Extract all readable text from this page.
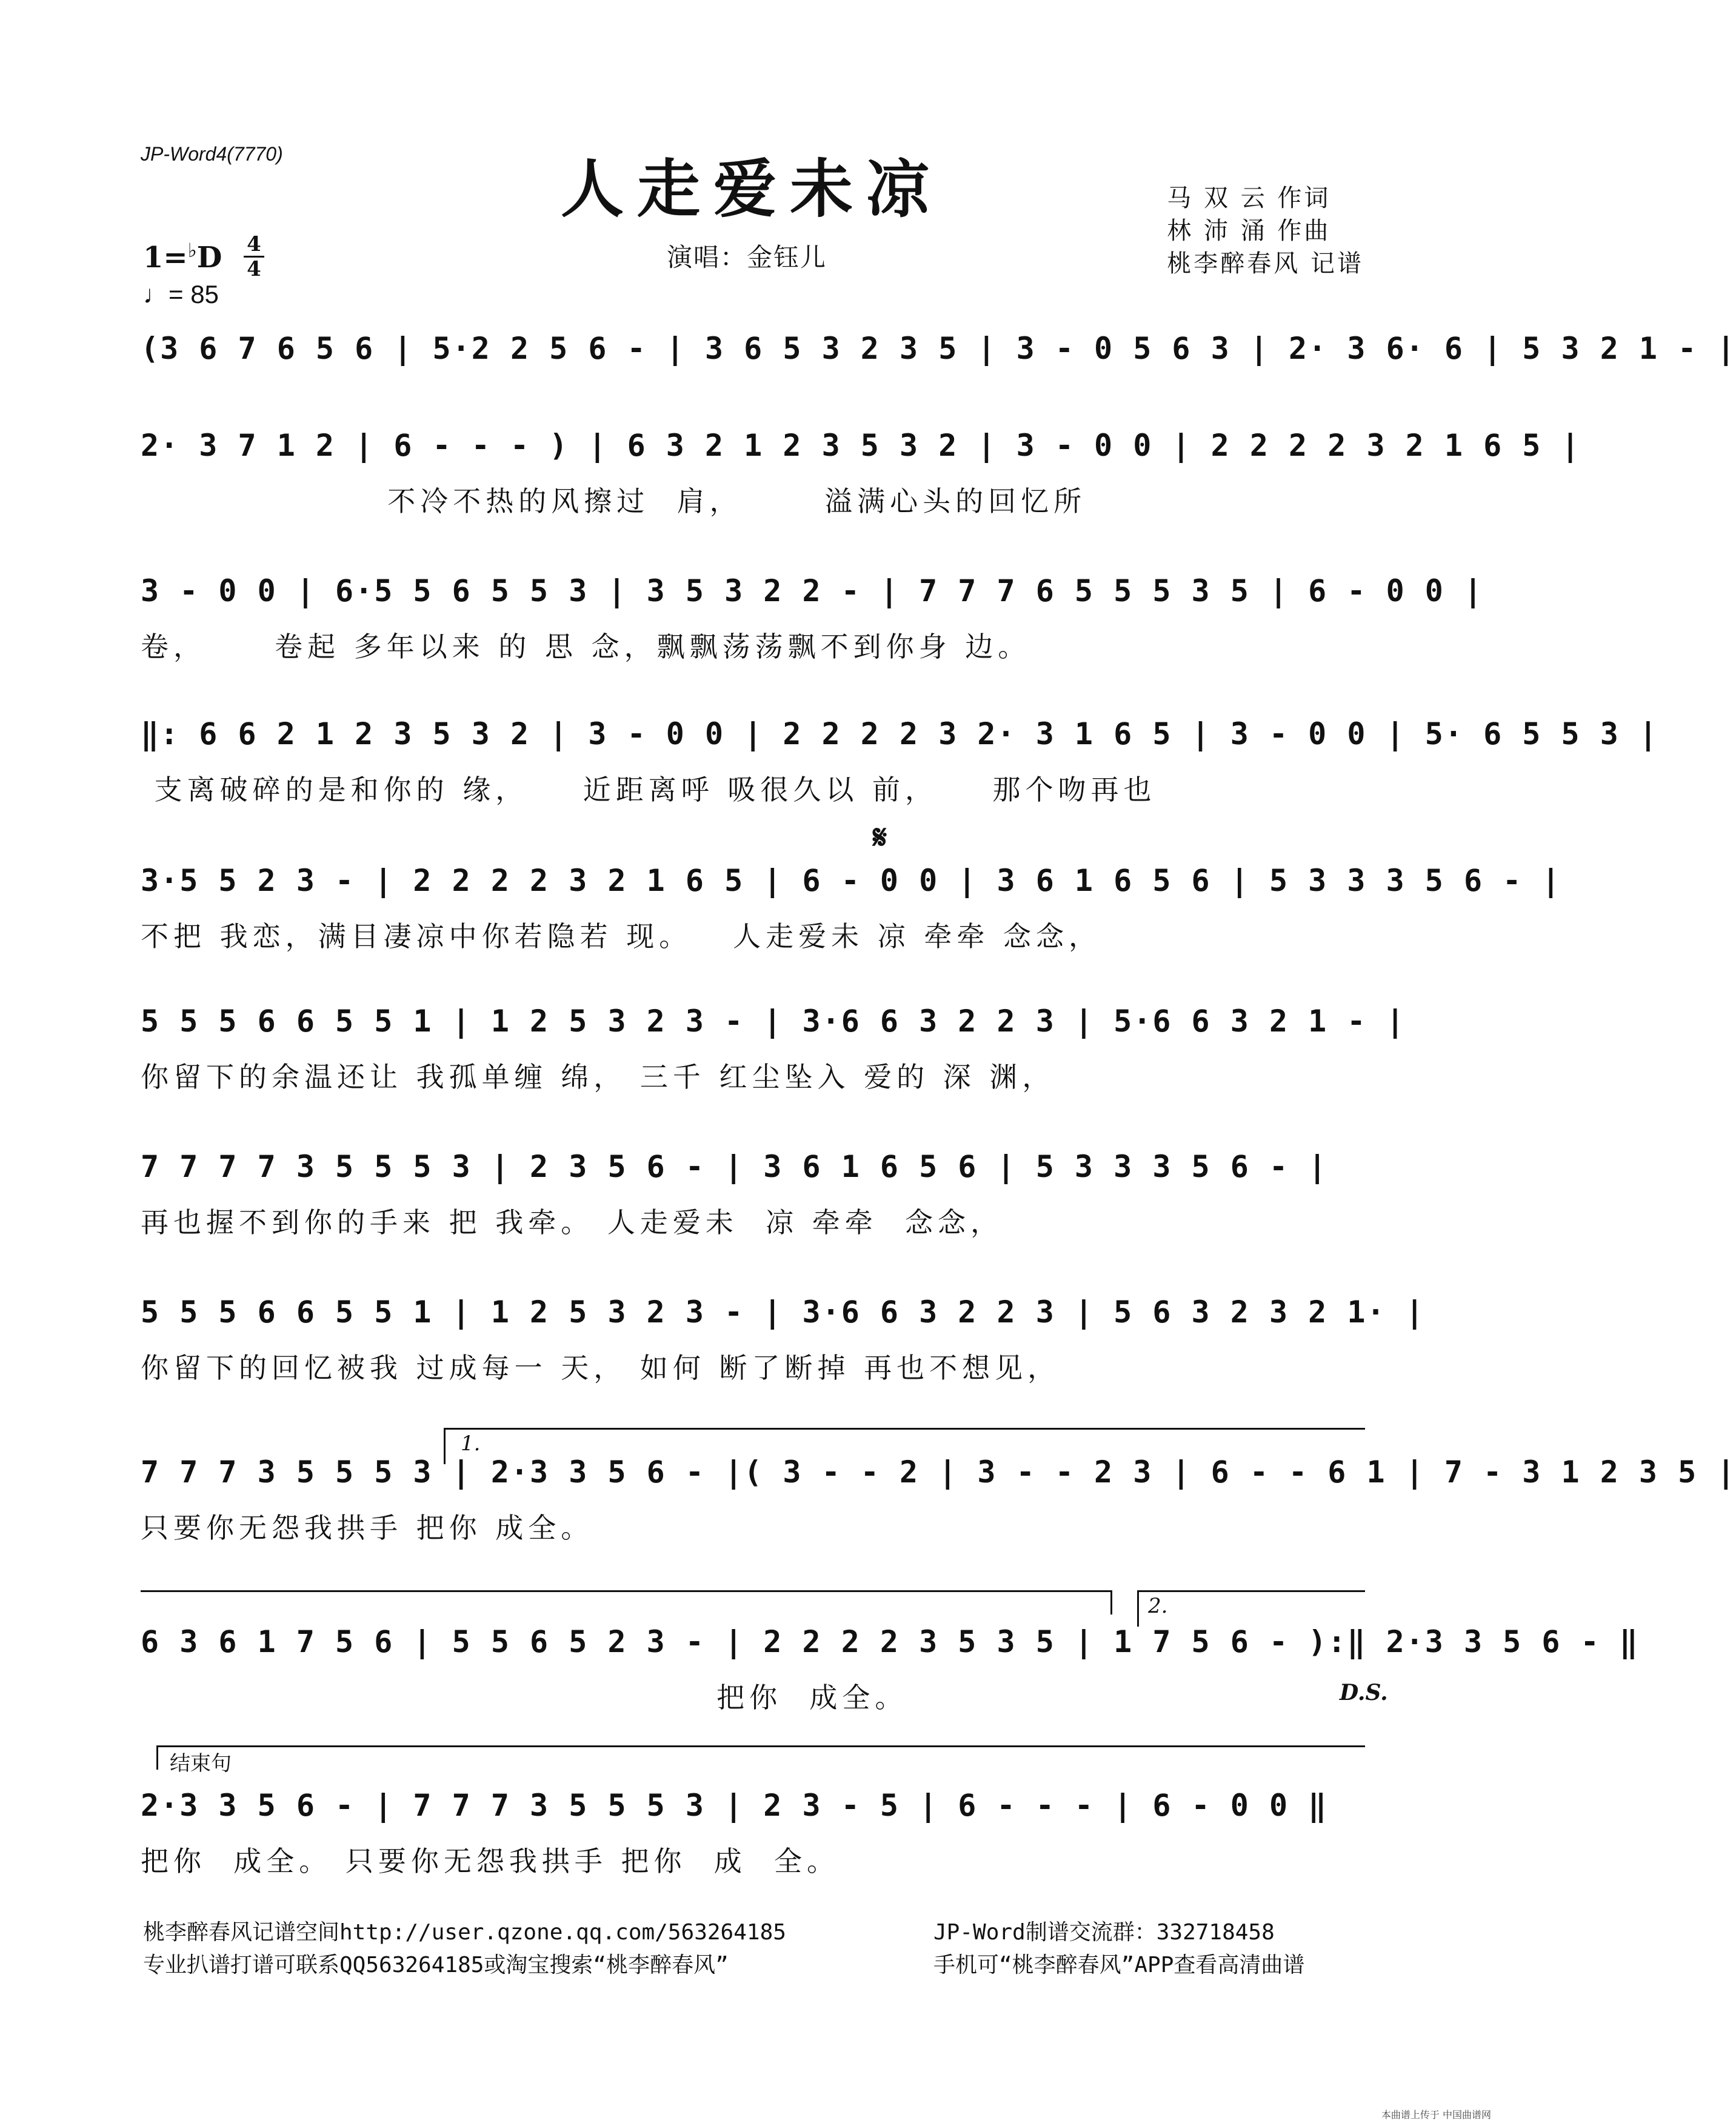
JP-Word4(7770)	人走爱未凉	马 双 云 作词
林 沛 涌 作曲
桃李醉春风 记谱
演唱：金钰儿
1=♭D 4
4
♩= 85
(3 6 7 6 5 6 | 5·2 2 5 6 - | 3 6 5 3 2 3 5 | 3 - 0 5 6 3 | 2· 3 6· 6 | 5 3 2 1 - |
2· 3 7 1 2 | 6 - - - ) | 6 3 2 1 2 3 5 3 2 | 3 - 0 0 | 2 2 2 2 3 2 1 6 5 |
不冷不热的风擦过  肩，      溢满心头的回忆所
3 - 0 0 | 6·5 5 6 5 5 3 | 3 5 3 2 2 - | 7 7 7 6 5 5 5 3 5 | 6 - 0 0 |
卷，     卷起 多年以来 的 思 念，飘飘荡荡飘不到你身 边。
‖: 6 6 2 1 2 3 5 3 2 | 3 - 0 0 | 2 2 2 2 3 2· 3 1 6 5 | 3 - 0 0 | 5· 6 5 5 3 |
支离破碎的是和你的 缘，    近距离呼 吸很久以 前，    那个吻再也
𝄋
3·5 5 2 3 - | 2 2 2 2 3 2 1 6 5 | 6 - 0 0 | 3 6 1 6 5 6 | 5 3 3 3 5 6 - |
不把 我恋，满目凄凉中你若隐若 现。   人走爱未 凉 牵牵 念念，
5 5 5 6 6 5 5 1 | 1 2 5 3 2 3 - | 3·6 6 3 2 2 3 | 5·6 6 3 2 1 - |
你留下的余温还让 我孤单缠 绵， 三千 红尘坠入 爱的 深 渊，
7 7 7 7 3 5 5 5 3 | 2 3 5 6 - | 3 6 1 6 5 6 | 5 3 3 3 5 6 - |
再也握不到你的手来 把 我牵。 人走爱未  凉 牵牵  念念，
5 5 5 6 6 5 5 1 | 1 2 5 3 2 3 - | 3·6 6 3 2 2 3 | 5 6 3 2 3 2 1· |
你留下的回忆被我 过成每一 天， 如何 断了断掉 再也不想见，
1.
7 7 7 3 5 5 5 3 | 2·3 3 5 6 - |( 3 - - 2 | 3 - - 2 3 | 6 - - 6 1 | 7 - 3 1 2 3 5 |
只要你无怨我拱手 把你 成全。
2.
6 3 6 1 7 5 6 | 5 5 6 5 2 3 - | 2 2 2 2 3 5 3 5 | 1 7 5 6 - ):‖ 2·3 3 5 6 - ‖
把你  成全。	D.S.
结束句
2·3 3 5 6 - | 7 7 7 3 5 5 5 3 | 2 3 - 5 | 6 - - - | 6 - 0 0 ‖
把你  成全。 只要你无怨我拱手 把你  成  全。
桃李醉春风记谱空间http://user.qzone.qq.com/563264185
专业扒谱打谱可联系QQ563264185或淘宝搜索“桃李醉春风”
JP-Word制谱交流群：332718458
手机可“桃李醉春风”APP查看高清曲谱
本曲谱上传于 中国曲谱网
